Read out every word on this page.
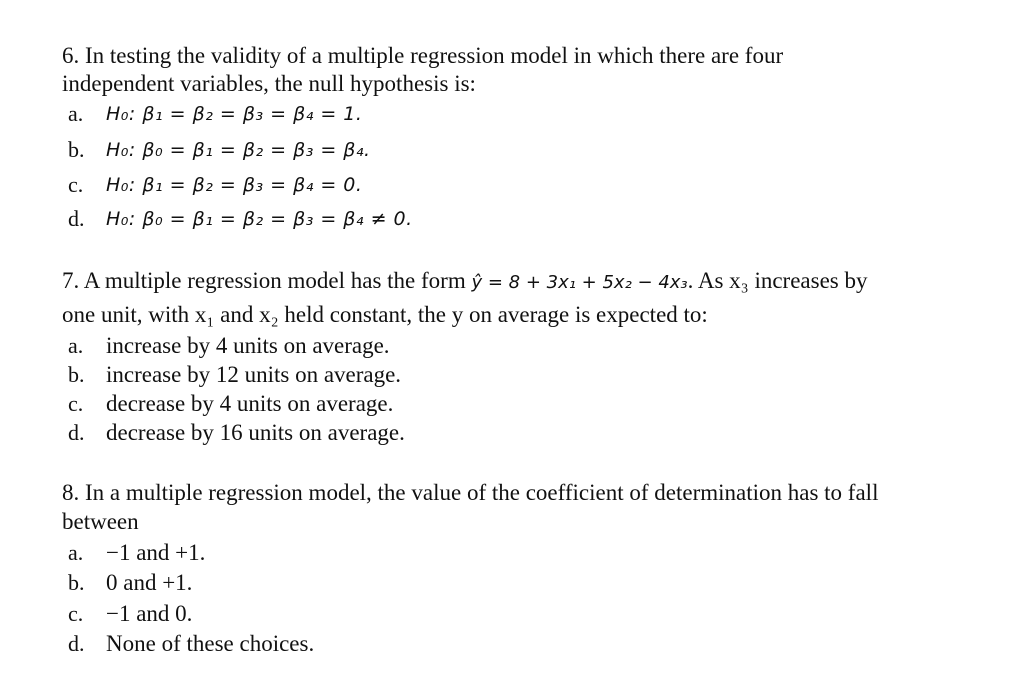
6. In testing the validity of a multiple regression model in which there are four
independent variables, the null hypothesis is:
a. H₀: β₁ = β₂ = β₃ = β₄ = 1.
b. H₀: β₀ = β₁ = β₂ = β₃ = β₄.
c. H₀: β₁ = β₂ = β₃ = β₄ = 0.
d. H₀: β₀ = β₁ = β₂ = β₃ = β₄ ≠ 0.
7. A multiple regression model has the form ŷ = 8 + 3x₁ + 5x₂ − 4x₃. As x₃ increases by
one unit, with x₁ and x₂ held constant, the y on average is expected to:
a. increase by 4 units on average.
b. increase by 12 units on average.
c. decrease by 4 units on average.
d. decrease by 16 units on average.
8. In a multiple regression model, the value of the coefficient of determination has to fall
between
a. −1 and +1.
b. 0 and +1.
c. −1 and 0.
d. None of these choices.
